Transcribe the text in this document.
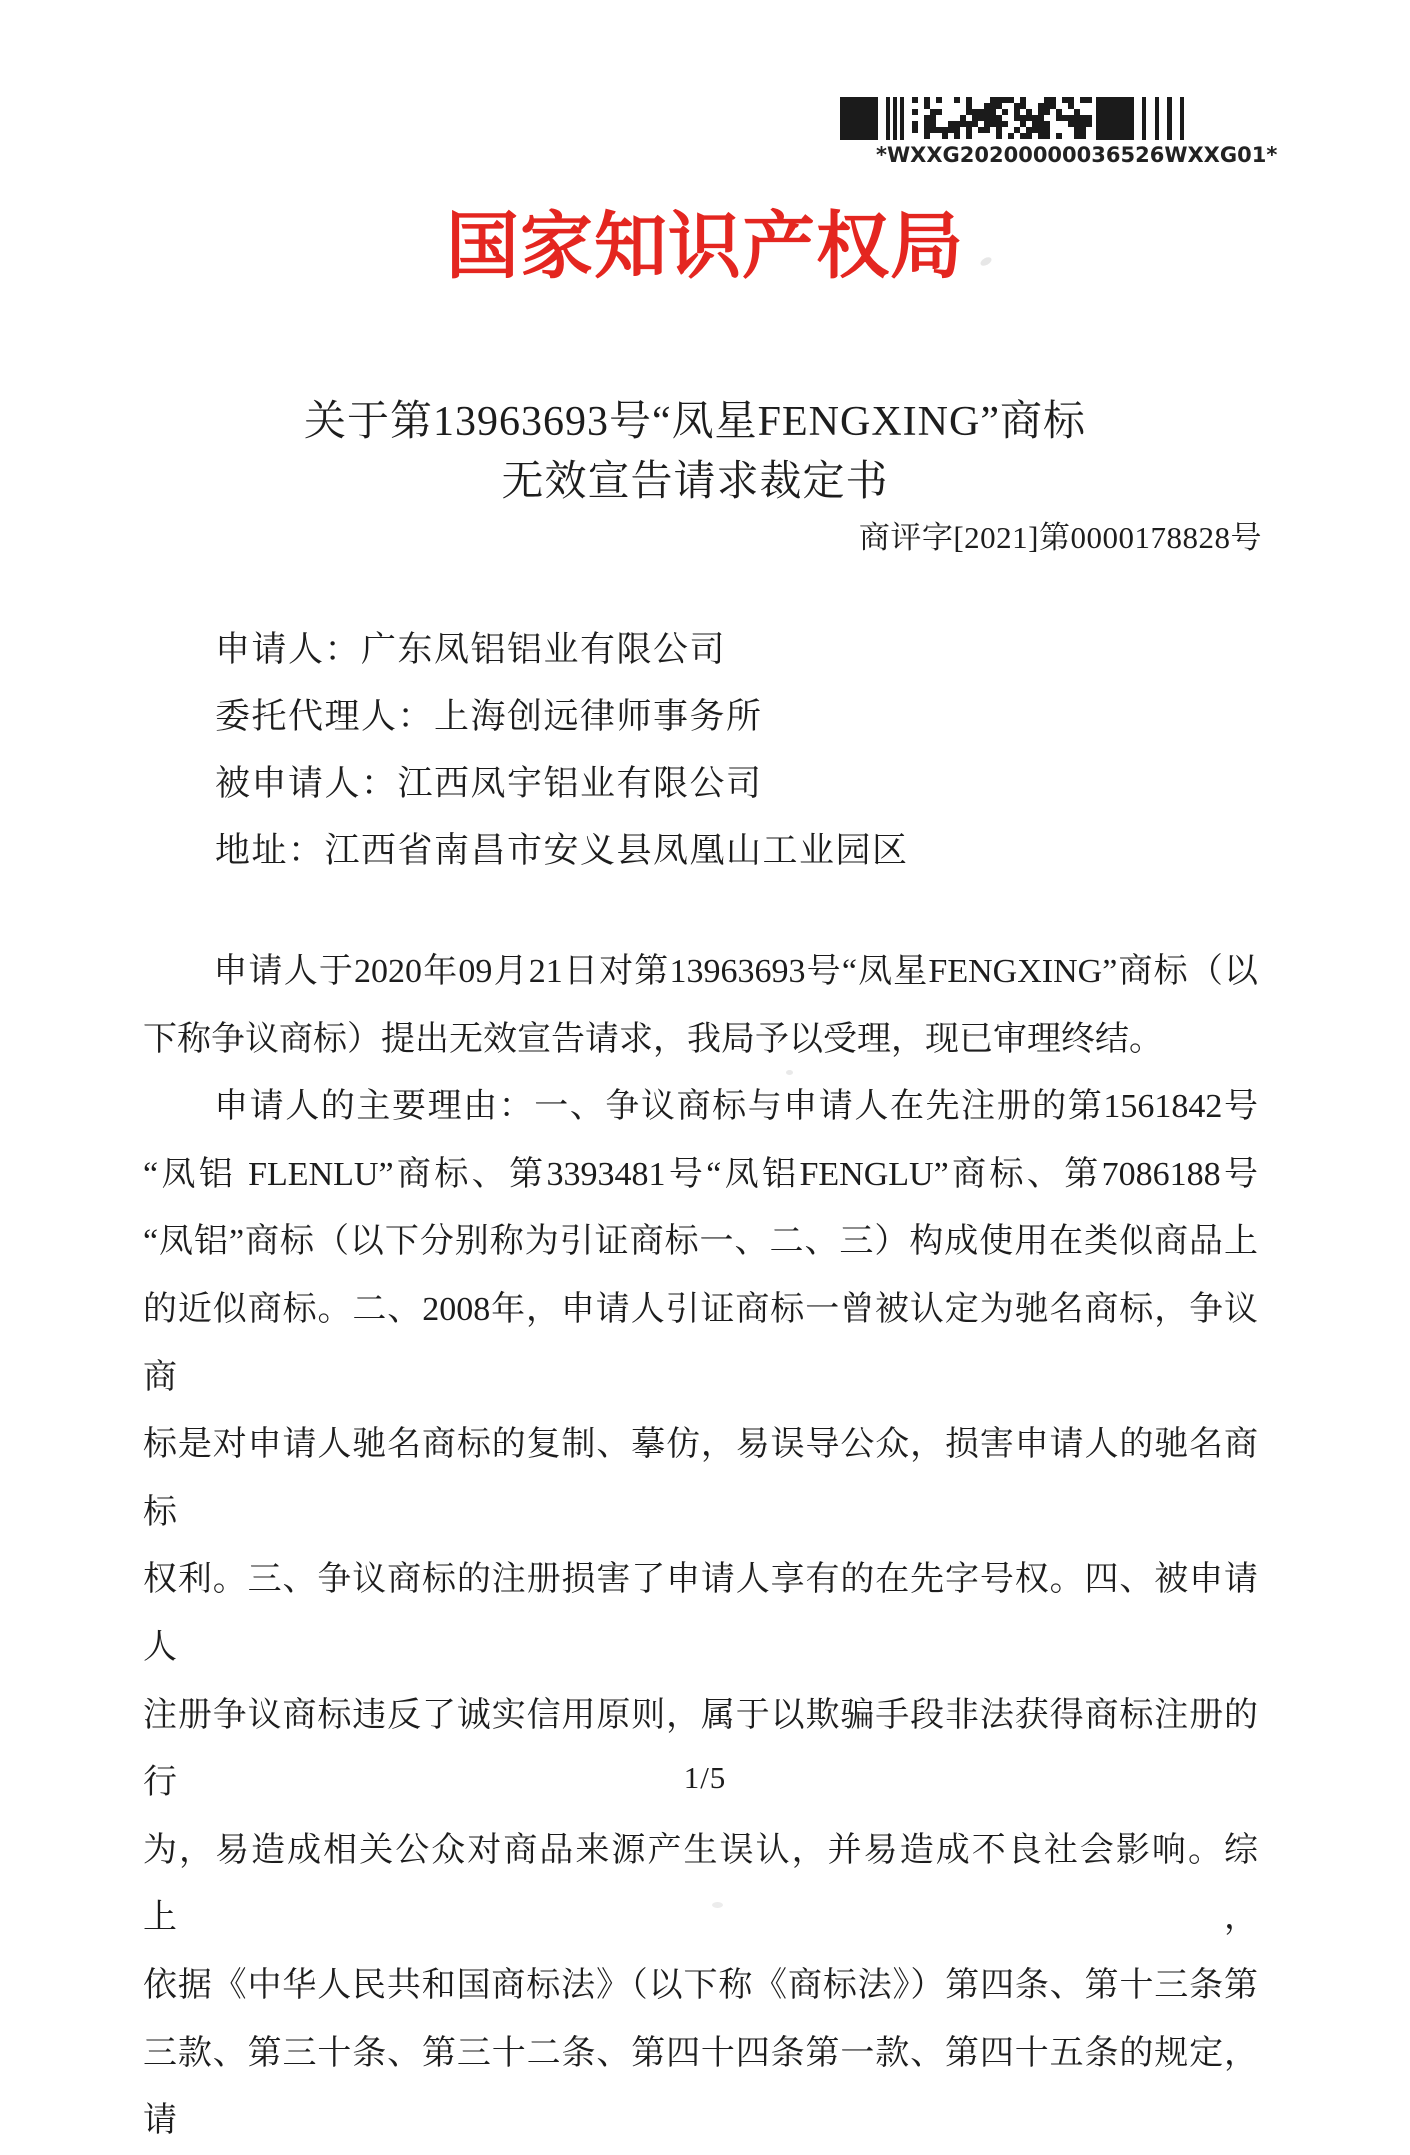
*WXXG20200000036526WXXG01*
国家知识产权局
关于第13963693号“凤星FENGXING”商标
无效宣告请求裁定书
商评字[2021]第0000178828号
申请人：广东凤铝铝业有限公司
委托代理人：上海创远律师事务所
被申请人：江西凤宇铝业有限公司
地址：江西省南昌市安义县凤凰山工业园区
　　申请人于2020年09月21日对第13963693号“凤星FENGXING”商标（以
下称争议商标）提出无效宣告请求，我局予以受理，现已审理终结。
　　申请人的主要理由：一、争议商标与申请人在先注册的第1561842号
“凤铝 FLENLU”商标、第3393481号“凤铝FENGLU”商标、第7086188号
“凤铝”商标（以下分别称为引证商标一、二、三）构成使用在类似商品上
的近似商标。二、2008年，申请人引证商标一曾被认定为驰名商标，争议商
标是对申请人驰名商标的复制、摹仿，易误导公众，损害申请人的驰名商标
权利。三、争议商标的注册损害了申请人享有的在先字号权。四、被申请人
注册争议商标违反了诚实信用原则，属于以欺骗手段非法获得商标注册的行
为，易造成相关公众对商品来源产生误认，并易造成不良社会影响。综上，
依据《中华人民共和国商标法》（以下称《商标法》）第四条、第十三条第
三款、第三十条、第三十二条、第四十四条第一款、第四十五条的规定，请
1/5
